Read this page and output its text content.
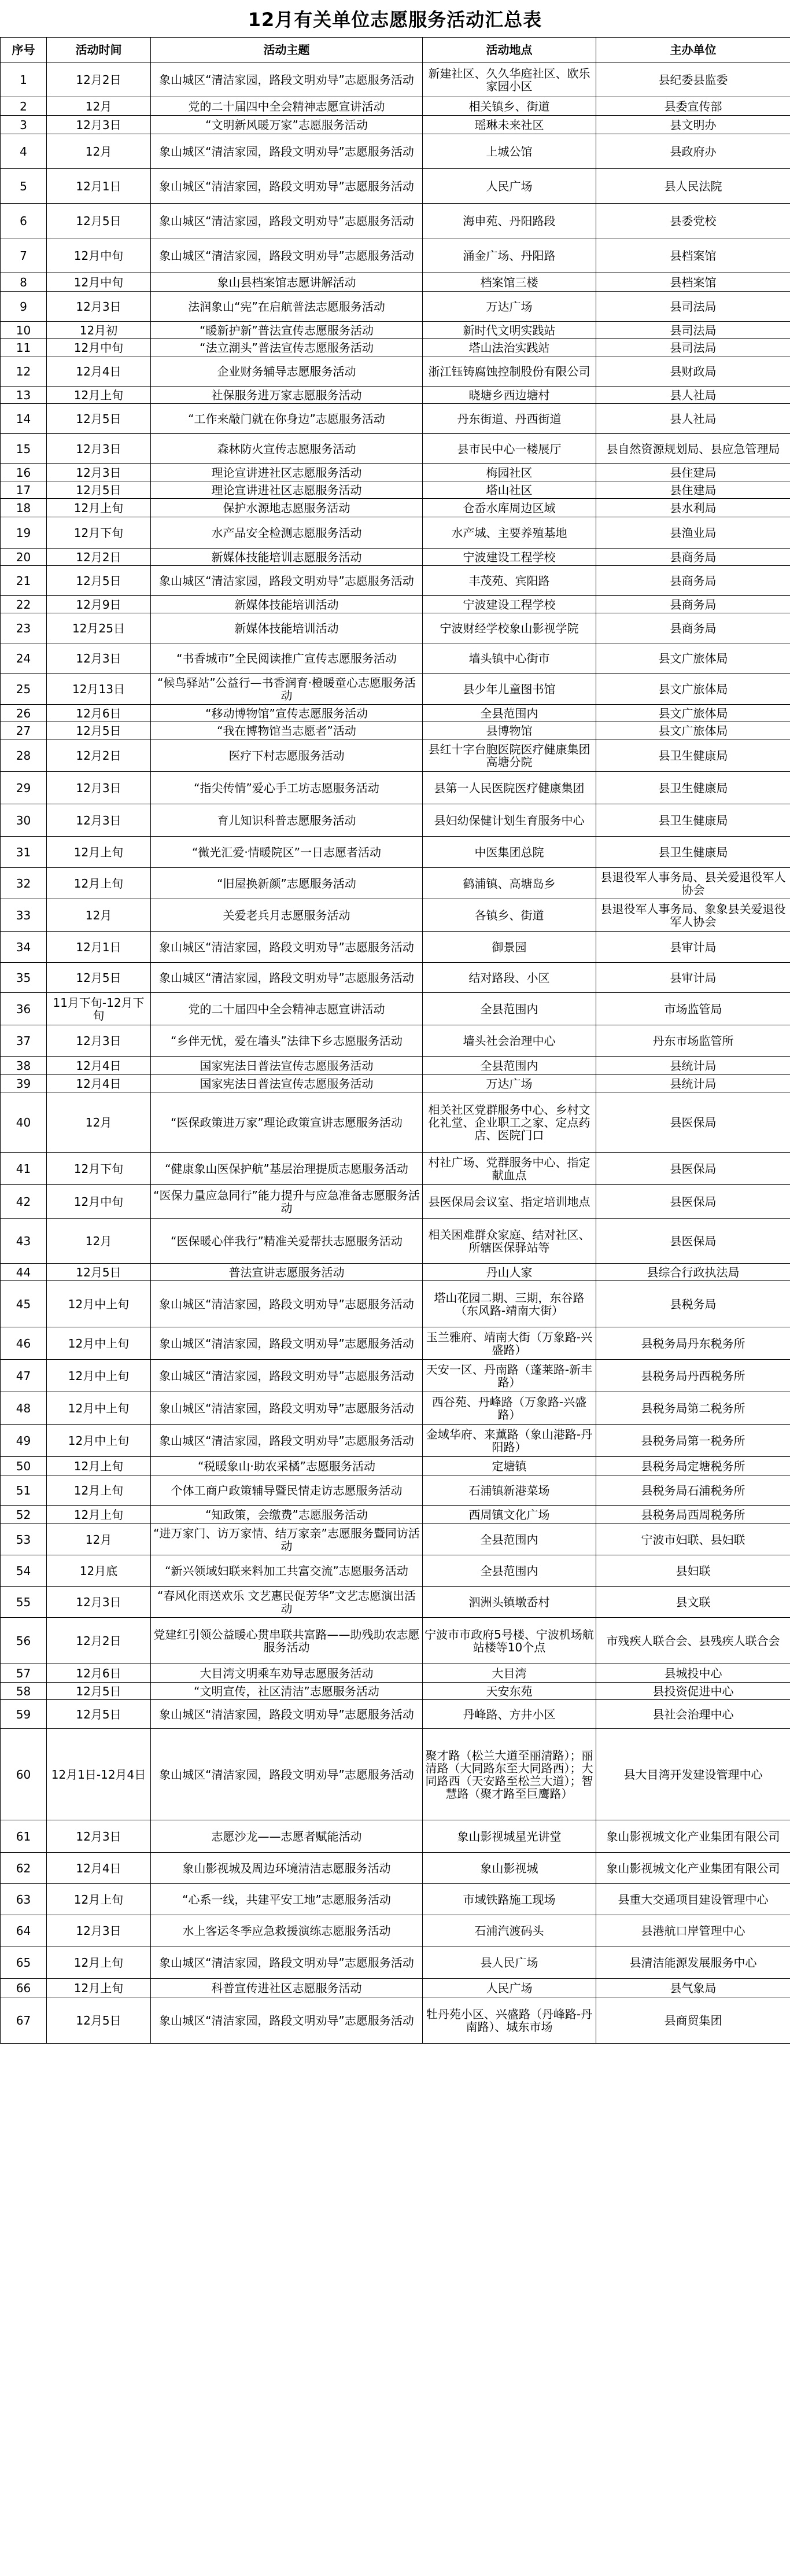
12月有关单位志愿服务活动汇总表
序号	活动时间	活动主题	活动地点	主办单位
1	12月2日	象山城区“清洁家园，路段文明劝导”志愿服务活动	新建社区、久久华庭社区、欧乐家园小区	县纪委县监委
2	12月	党的二十届四中全会精神志愿宣讲活动	相关镇乡、街道	县委宣传部
3	12月3日	“文明新风暖万家”志愿服务活动	瑶琳未来社区	县文明办
4	12月	象山城区“清洁家园，路段文明劝导”志愿服务活动	上城公馆	县政府办
5	12月1日	象山城区“清洁家园，路段文明劝导”志愿服务活动	人民广场	县人民法院
6	12月5日	象山城区“清洁家园，路段文明劝导”志愿服务活动	海申苑、丹阳路段	县委党校
7	12月中旬	象山城区“清洁家园，路段文明劝导”志愿服务活动	涌金广场、丹阳路	县档案馆
8	12月中旬	象山县档案馆志愿讲解活动	档案馆三楼	县档案馆
9	12月3日	法润象山“宪”在启航普法志愿服务活动	万达广场	县司法局
10	12月初	“暖新护新”普法宣传志愿服务活动	新时代文明实践站	县司法局
11	12月中旬	“法立潮头”普法宣传志愿服务活动	塔山法治实践站	县司法局
12	12月4日	企业财务辅导志愿服务活动	浙江钰铸腐蚀控制股份有限公司	县财政局
13	12月上旬	社保服务进万家志愿服务活动	晓塘乡西边塘村	县人社局
14	12月5日	“工作来敲门就在你身边”志愿服务活动	丹东街道、丹西街道	县人社局
15	12月3日	森林防火宣传志愿服务活动	县市民中心一楼展厅	县自然资源规划局、县应急管理局
16	12月3日	理论宣讲进社区志愿服务活动	梅园社区	县住建局
17	12月5日	理论宣讲进社区志愿服务活动	塔山社区	县住建局
18	12月上旬	保护水源地志愿服务活动	仓岙水库周边区域	县水利局
19	12月下旬	水产品安全检测志愿服务活动	水产城、主要养殖基地	县渔业局
20	12月2日	新媒体技能培训志愿服务活动	宁波建设工程学校	县商务局
21	12月5日	象山城区“清洁家园，路段文明劝导”志愿服务活动	丰茂苑、宾阳路	县商务局
22	12月9日	新媒体技能培训活动	宁波建设工程学校	县商务局
23	12月25日	新媒体技能培训活动	宁波财经学校象山影视学院	县商务局
24	12月3日	“书香城市”全民阅读推广宣传志愿服务活动	墙头镇中心街市	县文广旅体局
25	12月13日	“候鸟驿站”公益行—书香润育·橙暖童心志愿服务活动	县少年儿童图书馆	县文广旅体局
26	12月6日	“移动博物馆”宣传志愿服务活动	全县范围内	县文广旅体局
27	12月5日	“我在博物馆当志愿者”活动	县博物馆	县文广旅体局
28	12月2日	医疗下村志愿服务活动	县红十字台胞医院医疗健康集团高塘分院	县卫生健康局
29	12月3日	“指尖传情”爱心手工坊志愿服务活动	县第一人民医院医疗健康集团	县卫生健康局
30	12月3日	育儿知识科普志愿服务活动	县妇幼保健计划生育服务中心	县卫生健康局
31	12月上旬	“微光汇爱·情暖院区”一日志愿者活动	中医集团总院	县卫生健康局
32	12月上旬	“旧屋换新颜”志愿服务活动	鹤浦镇、高塘岛乡	县退役军人事务局、县关爱退役军人协会
33	12月	关爱老兵月志愿服务活动	各镇乡、街道	县退役军人事务局、象象县关爱退役军人协会
34	12月1日	象山城区“清洁家园，路段文明劝导”志愿服务活动	御景园	县审计局
35	12月5日	象山城区“清洁家园，路段文明劝导”志愿服务活动	结对路段、小区	县审计局
36	11月下旬-12月下旬	党的二十届四中全会精神志愿宣讲活动	全县范围内	市场监管局
37	12月3日	“乡伴无忧，爱在墙头”法律下乡志愿服务活动	墙头社会治理中心	丹东市场监管所
38	12月4日	国家宪法日普法宣传志愿服务活动	全县范围内	县统计局
39	12月4日	国家宪法日普法宣传志愿服务活动	万达广场	县统计局
40	12月	“医保政策进万家”理论政策宣讲志愿服务活动	相关社区党群服务中心、乡村文化礼堂、企业职工之家、定点药店、医院门口	县医保局
41	12月下旬	“健康象山医保护航”基层治理提质志愿服务活动	村社广场、党群服务中心、指定献血点	县医保局
42	12月中旬	“医保力量应急同行”能力提升与应急准备志愿服务活动	县医保局会议室、指定培训地点	县医保局
43	12月	“医保暖心伴我行”精准关爱帮扶志愿服务活动	相关困难群众家庭、结对社区、所辖医保驿站等	县医保局
44	12月5日	普法宣讲志愿服务活动	丹山人家	县综合行政执法局
45	12月中上旬	象山城区“清洁家园，路段文明劝导”志愿服务活动	塔山花园二期、三期，东谷路（东风路-靖南大街）	县税务局
46	12月中上旬	象山城区“清洁家园，路段文明劝导”志愿服务活动	玉兰雅府、靖南大街（万象路-兴盛路）	县税务局丹东税务所
47	12月中上旬	象山城区“清洁家园，路段文明劝导”志愿服务活动	天安一区、丹南路（蓬莱路-新丰路）	县税务局丹西税务所
48	12月中上旬	象山城区“清洁家园，路段文明劝导”志愿服务活动	西谷苑、丹峰路（万象路-兴盛路）	县税务局第二税务所
49	12月中上旬	象山城区“清洁家园，路段文明劝导”志愿服务活动	金域华府、来薰路（象山港路-丹阳路）	县税务局第一税务所
50	12月上旬	“税暖象山·助农采橘”志愿服务活动	定塘镇	县税务局定塘税务所
51	12月上旬	个体工商户政策辅导暨民情走访志愿服务活动	石浦镇新港菜场	县税务局石浦税务所
52	12月上旬	“知政策，会缴费”志愿服务活动	西周镇文化广场	县税务局西周税务所
53	12月	“进万家门、访万家情、结万家亲”志愿服务暨同访活动	全县范围内	宁波市妇联、县妇联
54	12月底	“新兴领域妇联来料加工共富交流”志愿服务活动	全县范围内	县妇联
55	12月3日	“春风化雨送欢乐 文艺惠民促芳华”文艺志愿演出活动	泗洲头镇墩岙村	县文联
56	12月2日	党建红引领公益暖心贯串联共富路——助残助农志愿服务活动	宁波市市政府5号楼、宁波机场航站楼等10个点	市残疾人联合会、县残疾人联合会
57	12月6日	大目湾文明乘车劝导志愿服务活动	大目湾	县城投中心
58	12月5日	“文明宣传，社区清洁”志愿服务活动	天安东苑	县投资促进中心
59	12月5日	象山城区“清洁家园，路段文明劝导”志愿服务活动	丹峰路、方井小区	县社会治理中心
60	12月1日-12月4日	象山城区“清洁家园，路段文明劝导”志愿服务活动	聚才路（松兰大道至丽清路）；丽清路（大同路东至大同路西）；大同路西（天安路至松兰大道）；智慧路（聚才路至巨鹰路）	县大目湾开发建设管理中心
61	12月3日	志愿沙龙——志愿者赋能活动	象山影视城星光讲堂	象山影视城文化产业集团有限公司
62	12月4日	象山影视城及周边环境清洁志愿服务活动	象山影视城	象山影视城文化产业集团有限公司
63	12月上旬	“心系一线，共建平安工地”志愿服务活动	市域铁路施工现场	县重大交通项目建设管理中心
64	12月3日	水上客运冬季应急救援演练志愿服务活动	石浦汽渡码头	县港航口岸管理中心
65	12月上旬	象山城区“清洁家园，路段文明劝导”志愿服务活动	县人民广场	县清洁能源发展服务中心
66	12月上旬	科普宣传进社区志愿服务活动	人民广场	县气象局
67	12月5日	象山城区“清洁家园，路段文明劝导”志愿服务活动	牡丹苑小区、兴盛路（丹峰路-丹南路）、城东市场	县商贸集团
